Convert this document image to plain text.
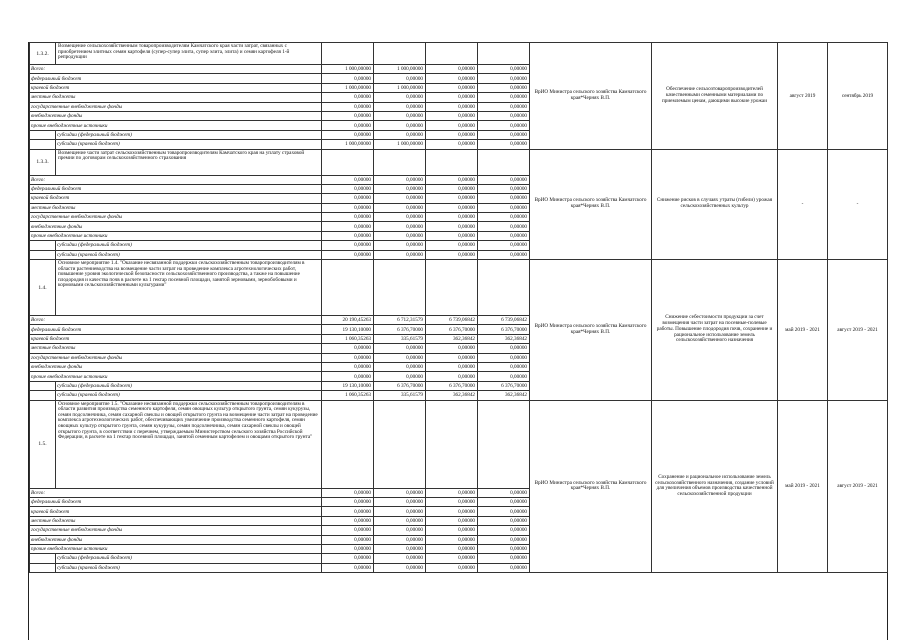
1.3.2.	Возмещение сельскохозяйственным товаропроизводителям Камчатского края части затрат, связанных с приобретением элитных семян картофеля (супер-супер элита, супер элита, элита) и семян картофеля 1-й репродукции					ВрИО Министра сельского хозяйства Камчатского края*Чернях В.П.	Обеспечение сельхозтоваропроизводителей качественными семенными материалами по приемлемым ценам, дающими высокие урожаи	август 2019	сентябрь 2019
Всего:		1 000,00000	1 000,00000	0,00000	0,00000				
федеральный бюджет		0,00000	0,00000	0,00000	0,00000				
краевой бюджет		1 000,00000	1 000,00000	0,00000	0,00000				
местные бюджеты		0,00000	0,00000	0,00000	0,00000				
государственные внебюджетные фонды		0,00000	0,00000	0,00000	0,00000				
внебюджетные фонды		0,00000	0,00000	0,00000	0,00000				
прочие внебюджетные источники		0,00000	0,00000	0,00000	0,00000				
	субсидии (федеральный бюджет)	0,00000	0,00000	0,00000	0,00000				
	субсидии (краевой бюджет)	1 000,00000	1 000,00000	0,00000	0,00000				
1.3.3.	Возмещение части затрат сельскохозяйственным товаропроизводителям Камчатского края на уплату страховой премии по договорам сельскохозяйственного страхования					ВрИО Министра сельского хозяйства Камчатского края*Чернях В.П.	Снижение рисков в случаях утраты (гибели) урожая сельскохозяйственных культур	-	-
Всего:		0,00000	0,00000	0,00000	0,00000				
федеральный бюджет		0,00000	0,00000	0,00000	0,00000				
краевой бюджет		0,00000	0,00000	0,00000	0,00000				
местные бюджеты		0,00000	0,00000	0,00000	0,00000				
государственные внебюджетные фонды		0,00000	0,00000	0,00000	0,00000				
внебюджетные фонды		0,00000	0,00000	0,00000	0,00000				
прочие внебюджетные источники		0,00000	0,00000	0,00000	0,00000				
	субсидии (федеральный бюджет)	0,00000	0,00000	0,00000	0,00000				
	субсидии (краевой бюджет)	0,00000	0,00000	0,00000	0,00000				
1.4.	Основное мероприятие 1.4. "Оказание несвязанной поддержки сельскохозяйственным товаропроизводителям в области растениеводства на возмещение части затрат на проведение комплекса агротехнологических работ, повышение уровня экологической безопасности сельскохозяйственного производства, а также на повышение плодородия и качества почв в расчете на 1 гектар посевной площади, занятой зерновыми, зернобобовыми и кормовыми сельскохозяйственными культурами"					ВрИО Министра сельского хозяйства Камчатского края*Чернях В.П.	Снижение себестоимости продукции за счет возмещения части затрат на посевные-полевые работы. Повышение плодородия почв, сохранение и рациональное использование земель сельскохозяйственного назначения	май 2019 - 2021	август 2019 - 2021
Всего:		20 190,45263	6 712,31579	6 739,06842	6 739,06842				
федеральный бюджет		19 130,10000	6 376,70000	6 376,70000	6 376,70000				
краевой бюджет		1 060,35263	335,61579	362,36842	362,36842				
местные бюджеты		0,00000	0,00000	0,00000	0,00000				
государственные внебюджетные фонды		0,00000	0,00000	0,00000	0,00000				
внебюджетные фонды		0,00000	0,00000	0,00000	0,00000				
прочие внебюджетные источники		0,00000	0,00000	0,00000	0,00000				
	субсидии (федеральный бюджет)	19 130,10000	6 376,70000	6 376,70000	6 376,70000				
	субсидии (краевой бюджет)	1 060,35263	335,61579	362,36842	362,36842				
1.5.	Основное мероприятие 1.5. "Оказание несвязанной поддержки сельскохозяйственным товаропроизводителям в области развития производства семенного картофеля, семян овощных культур открытого грунта, семян кукурузы, семян подсолнечника, семян сахарной свеклы и овощей открытого грунта на возмещение части затрат на проведение комплекса агротехнологических работ, обеспечивающих увеличение производства семенного картофеля, семян овощных культур открытого грунта, семян кукурузы, семян подсолнечника, семян сахарной свеклы и овощей открытого грунта, в соответствии с перечнем, утверждаемым Министерством сельского хозяйства Российской Федерации, в расчете на 1 гектар посевной площади, занятой семенным картофелем и овощами открытого грунта"					ВрИО Министра сельского хозяйства Камчатского края*Чернях В.П.	Сохранение и рациональное использование земель сельскохозяйственного назначения, создание условий для увеличения объемов производства качественной сельскохозяйственной продукции	май 2019 - 2021	август 2019 - 2021
Всего:		0,00000	0,00000	0,00000	0,00000				
федеральный бюджет		0,00000	0,00000	0,00000	0,00000				
краевой бюджет		0,00000	0,00000	0,00000	0,00000				
местные бюджеты		0,00000	0,00000	0,00000	0,00000				
государственные внебюджетные фонды		0,00000	0,00000	0,00000	0,00000				
внебюджетные фонды		0,00000	0,00000	0,00000	0,00000				
прочие внебюджетные источники		0,00000	0,00000	0,00000	0,00000				
	субсидии (федеральный бюджет)	0,00000	0,00000	0,00000	0,00000				
	субсидии (краевой бюджет)	0,00000	0,00000	0,00000	0,00000				
